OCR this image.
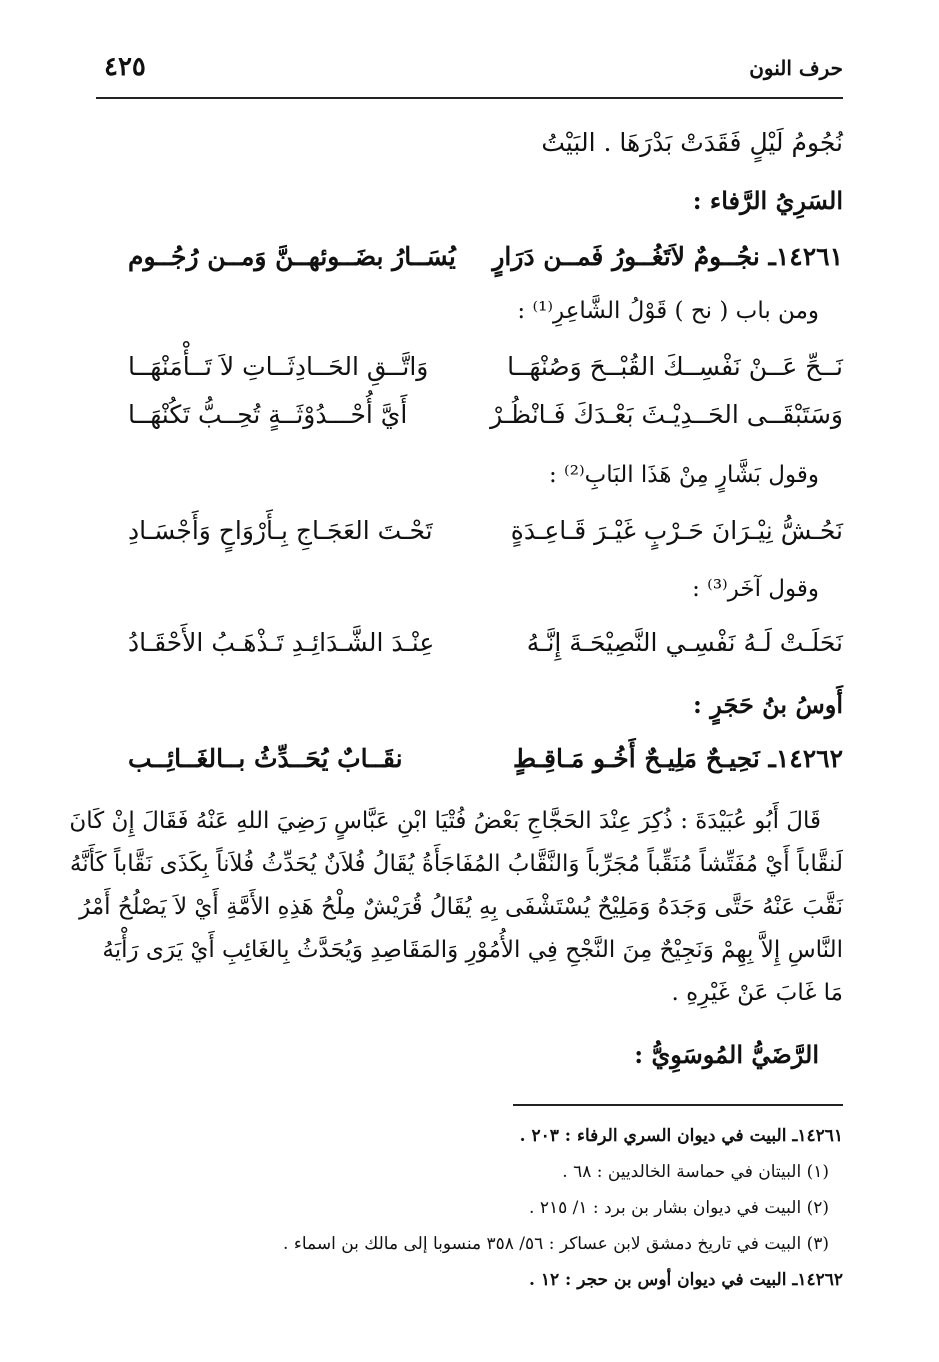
حرف النون
٤٢٥
نُجُومُ لَيْلٍ فَقَدَتْ بَدْرَهَا . البَيْتُ
السَرِيُ الرَّفاء :
١٤٢٦١ـ نجُــومٌ لاَتَغُــورُ فَمــن دَرَارٍ
يُسَــارُ بضَــوئهــنَّ وَمــن رُجُــوم
ومن باب ( نح ) قَوْلُ الشَّاعِرِ⁽¹⁾ :
نَــحِّ عَــنْ نَفْسِــكَ القُبْــحَ وَصُنْهَــا
وَاتَّــقِ الحَــادِثَــاتِ لاَ تَــأْمَنْهَــا
وَسَتَبْقَــى الحَــدِيْـثَ بَعْـدَكَ فَـانْظُـرْ
أَيَّ أُحْـــدُوْثَــةٍ تُحِــبُّ تَكُنْهَــا
وقول بَشَّارٍ مِنْ هَذَا البَابِ⁽²⁾ :
نَحُـشُّ نِيْـرَانَ حَـرْبٍ غَيْـرَ قَـاعِـدَةٍ
تَحْـتَ العَجَـاجِ بِـأَرْوَاحٍ وَأَجْسَـادِ
وقول آخَر⁽³⁾ :
نَحَلَـتْ لَـهُ نَفْسِـي النَّصِيْحَـةَ إِنَّـهُ
عِنْـدَ الشَّـدَائِـدِ تَـذْهَـبُ الأَحْقَـادُ
أَوسُ بنُ حَجَرٍ :
١٤٢٦٢ـ نَحِيـحٌ مَلِيـحٌ أَخُـو مَـاقِـطٍ
نقَــابٌ يُحَــدِّثُ بــالغَــائِــب

قَالَ أَبُو عُبَيْدَةَ : ذُكِرَ عِنْدَ الحَجَّاجِ بَعْضُ فُتْيَا ابْنِ عَبَّاسٍ رَضِيَ اللهِ عَنْهُ فَقَالَ إِنْ كَانَ

لَنقَّاباً أَيْ مُفَتِّشاً مُنَقِّباً مُجَرِّباً وَالنَّقَّابُ المُفَاجَأَةُ يُقَالُ فُلاَنٌ يُحَدِّثُ فُلاَناً بِكَذَى نَقَّاباً كَأَنَّهُ

نَقَّبَ عَنْهُ حَتَّى وَجَدَهُ وَمَلِيْحٌ يُسْتَشْفَى بِهِ يُقَالُ قُرَيْشٌ مِلْحُ هَذِهِ الأَمَّةِ أَيْ لاَ يَصْلُحُ أَمْرُ

النَّاسِ إِلاَّ بِهِمْ وَنَجِيْحٌ مِنَ النَّجْحِ فِي الأُمُوْرِ وَالمَقَاصِدِ وَيُحَدَّثُ بِالغَائِبِ أَيْ يَرَى رَأْيَهُ

مَا غَابَ عَنْ غَيْرِهِ .

الرَّضَيُّ المُوسَوِيُّ :
١٤٢٦١ـ البيت في ديوان السري الرفاء : ٢٠٣ .
(١) البيتان في حماسة الخالديين : ٦٨ .
(٢) البيت في ديوان بشار بن برد : ١/ ٢١٥ .
(٣) البيت في تاريخ دمشق لابن عساكر : ٥٦/ ٣٥٨ منسوبا إلى مالك بن اسماء .
١٤٢٦٢ـ البيت في ديوان أوس بن حجر : ١٢ .
